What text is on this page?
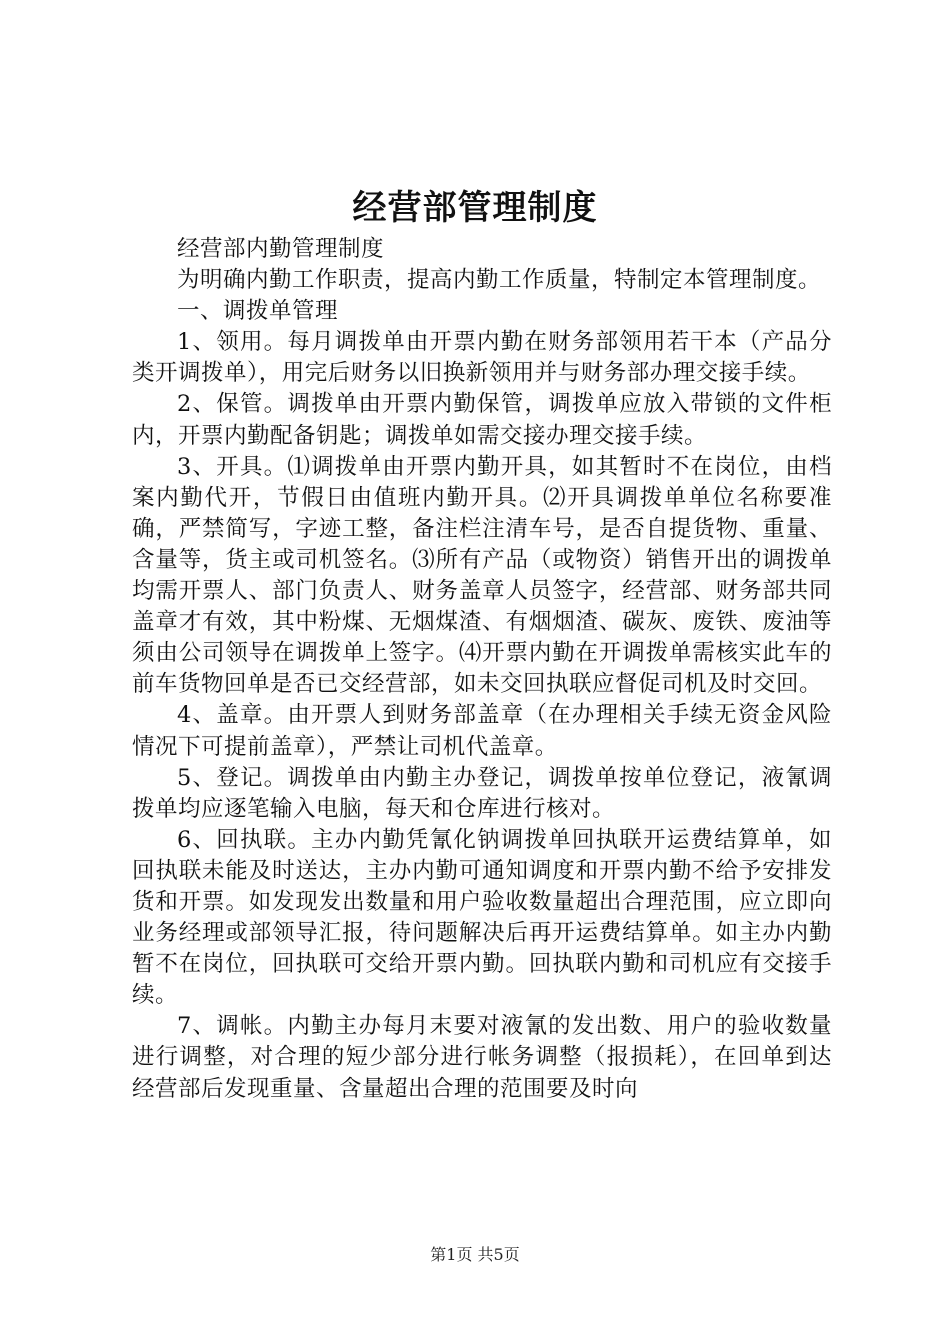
经营部管理制度

经营部内勤管理制度

为明确内勤工作职责，提高内勤工作质量，特制定本管理制度。

一、调拨单管理

1、领用。每月调拨单由开票内勤在财务部领用若干本（产品分类开调拨单），用完后财务以旧换新领用并与财务部办理交接手续。

2、保管。调拨单由开票内勤保管，调拨单应放入带锁的文件柜内，开票内勤配备钥匙；调拨单如需交接办理交接手续。

3、开具。⑴调拨单由开票内勤开具，如其暂时不在岗位，由档案内勤代开，节假日由值班内勤开具。⑵开具调拨单单位名称要准确，严禁简写，字迹工整，备注栏注清车号，是否自提货物、重量、含量等，货主或司机签名。⑶所有产品（或物资）销售开出的调拨单均需开票人、部门负责人、财务盖章人员签字，经营部、财务部共同盖章才有效，其中粉煤、无烟煤渣、有烟烟渣、碳灰、废铁、废油等须由公司领导在调拨单上签字。⑷开票内勤在开调拨单需核实此车的前车货物回单是否已交经营部，如未交回执联应督促司机及时交回。

4、盖章。由开票人到财务部盖章（在办理相关手续无资金风险情况下可提前盖章），严禁让司机代盖章。

5、登记。调拨单由内勤主办登记，调拨单按单位登记，液氰调拨单均应逐笔输入电脑，每天和仓库进行核对。

6、回执联。主办内勤凭氰化钠调拨单回执联开运费结算单，如回执联未能及时送达，主办内勤可通知调度和开票内勤不给予安排发货和开票。如发现发出数量和用户验收数量超出合理范围，应立即向业务经理或部领导汇报，待问题解决后再开运费结算单。如主办内勤暂不在岗位，回执联可交给开票内勤。回执联内勤和司机应有交接手续。

7、调帐。内勤主办每月末要对液氰的发出数、用户的验收数量进行调整，对合理的短少部分进行帐务调整（报损耗），在回单到达经营部后发现重量、含量超出合理的范围要及时向

第1页 共5页
